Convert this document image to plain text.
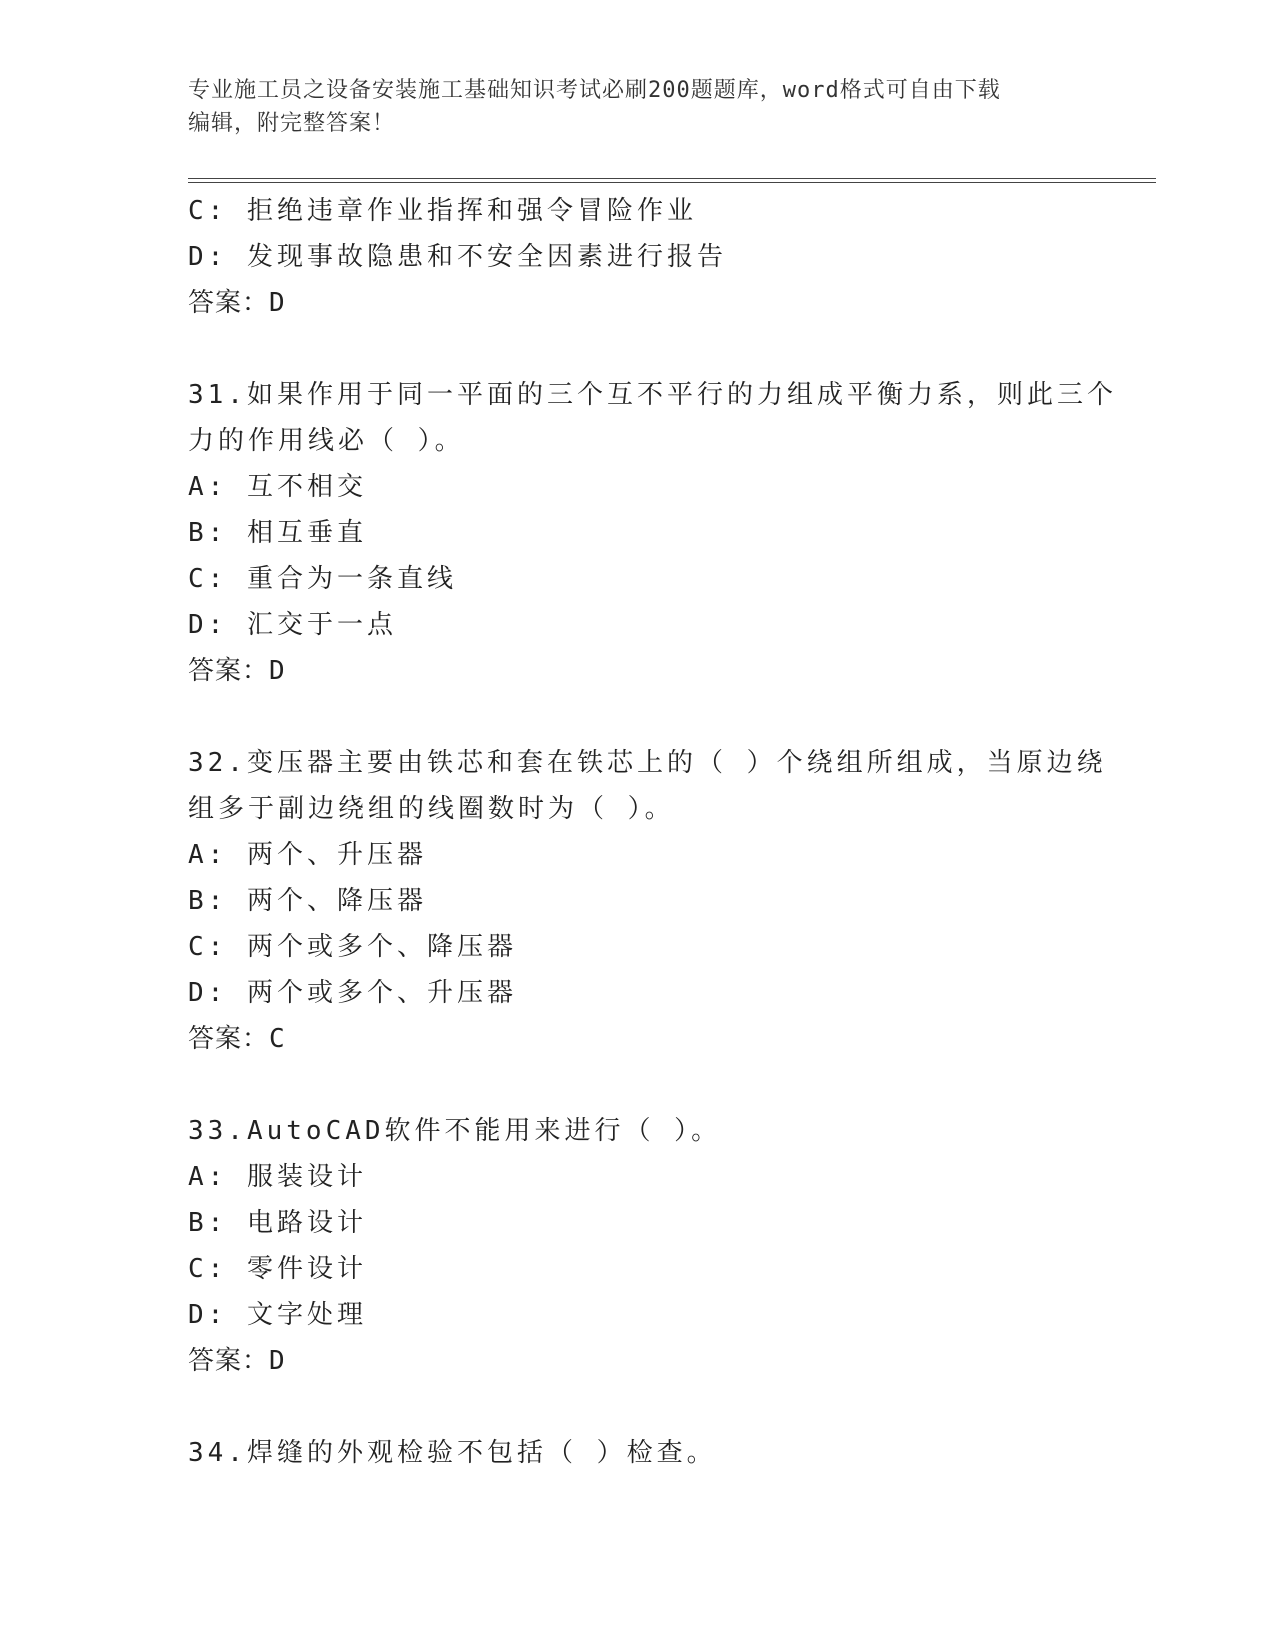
专业施工员之设备安装施工基础知识考试必刷200题题库，word格式可自由下载
编辑，附完整答案！
C: 拒绝违章作业指挥和强令冒险作业
D: 发现事故隐患和不安全因素进行报告
答案：D
31.如果作用于同一平面的三个互不平行的力组成平衡力系，则此三个
力的作用线必（ ）。
A: 互不相交
B: 相互垂直
C: 重合为一条直线
D: 汇交于一点
答案：D
32.变压器主要由铁芯和套在铁芯上的（ ）个绕组所组成，当原边绕
组多于副边绕组的线圈数时为（ ）。
A: 两个、升压器
B: 两个、降压器
C: 两个或多个、降压器
D: 两个或多个、升压器
答案：C
33.AutoCAD软件不能用来进行（ ）。
A: 服装设计
B: 电路设计
C: 零件设计
D: 文字处理
答案：D
34.焊缝的外观检验不包括（ ）检查。
